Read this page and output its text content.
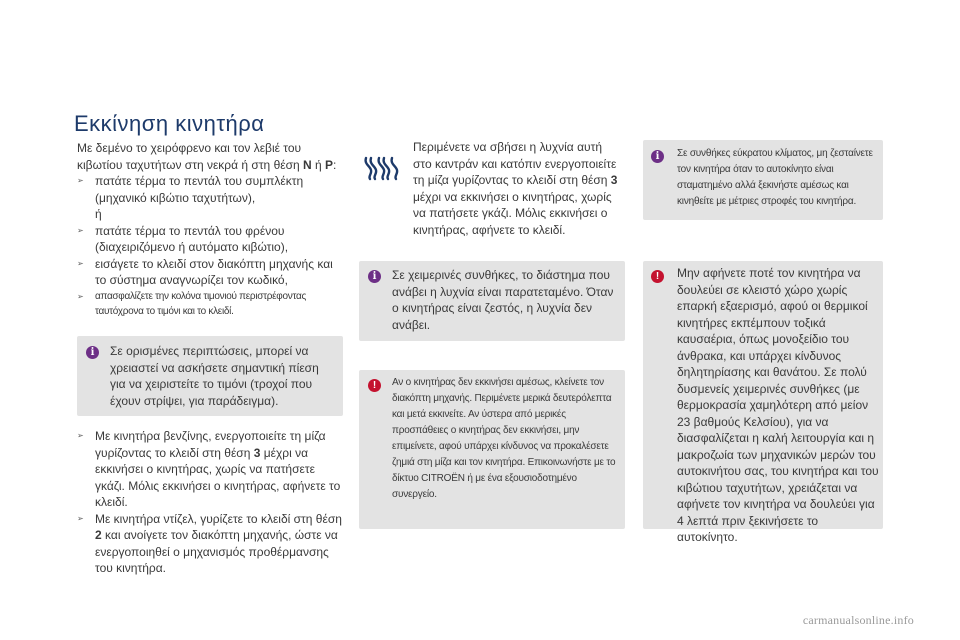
Εκκίνηση κινητήρα

Με δεμένο το χειρόφρενο και τον λεβιέ του κιβωτίου ταχυτήτων στη νεκρά ή στη θέση N ή P:

➢ πατάτε τέρμα το πεντάλ του συμπλέκτη (μηχανικό κιβώτιο ταχυτήτων),
ή
➢ πατάτε τέρμα το πεντάλ του φρένου (διαχειριζόμενο ή αυτόματο κιβώτιο),
➢ εισάγετε το κλειδί στον διακόπτη μηχανής και το σύστημα αναγνωρίζει τον κωδικό,
➢	απασφαλίζετε την κολόνα τιμονιού περιστρέφοντας ταυτόχρονα το τιμόνι και το κλειδί.
i	Σε ορισμένες περιπτώσεις, μπορεί να χρειαστεί να ασκήσετε σημαντική πίεση για να χειριστείτε το τιμόνι (τροχοί που έχουν στρίψει, για παράδειγμα).
➢ Με κινητήρα βενζίνης, ενεργοποιείτε τη μίζα γυρίζοντας το κλειδί στη θέση 3 μέχρι να εκκινήσει ο κινητήρας, χωρίς να πατήσετε γκάζι. Μόλις εκκινήσει ο κινητήρας, αφήνετε το κλειδί.
➢ Με κινητήρα ντίζελ, γυρίζετε το κλειδί στη θέση 2 και ανοίγετε τον διακόπτη μηχανής, ώστε να ενεργοποιηθεί ο μηχανισμός προθέρμανσης του κινητήρα.
Περιμένετε να σβήσει η λυχνία αυτή στο καντράν και κατόπιν ενεργοποιείτε τη μίζα γυρίζοντας το κλειδί στη θέση 3 μέχρι να εκκινήσει ο κινητήρας, χωρίς να πατήσετε γκάζι. Μόλις εκκινήσει ο κινητήρας, αφήνετε το κλειδί.
i	Σε χειμερινές συνθήκες, το διάστημα που ανάβει η λυχνία είναι παρατεταμένο. Όταν ο κινητήρας είναι ζεστός, η λυχνία δεν ανάβει.
!	Αν ο κινητήρας δεν εκκινήσει αμέσως, κλείνετε τον διακόπτη μηχανής. Περιμένετε μερικά δευτερόλεπτα και μετά εκκινείτε. Αν ύστερα από μερικές προσπάθειες ο κινητήρας δεν εκκινήσει, μην επιμείνετε, αφού υπάρχει κίνδυνος να προκαλέσετε ζημιά στη μίζα και τον κινητήρα. Επικοινωνήστε με το δίκτυο CITROËN ή με ένα εξουσιοδοτημένο συνεργείο.
i	Σε συνθήκες εύκρατου κλίματος, μη ζεσταίνετε τον κινητήρα όταν το αυτοκίνητο είναι σταματημένο αλλά ξεκινήστε αμέσως και κινηθείτε με μέτριες στροφές του κινητήρα.
!	Μην αφήνετε ποτέ τον κινητήρα να δουλεύει σε κλειστό χώρο χωρίς επαρκή εξαερισμό, αφού οι θερμικοί κινητήρες εκπέμπουν τοξικά καυσαέρια, όπως μονοξείδιο του άνθρακα, και υπάρχει κίνδυνος δηλητηρίασης και θανάτου. Σε πολύ δυσμενείς χειμερινές συνθήκες (με θερμοκρασία χαμηλότερη από μείον 23 βαθμούς Κελσίου), για να διασφαλίζεται η καλή λειτουργία και η μακροζωία των μηχανικών μερών του αυτοκινήτου σας, του κινητήρα και του κιβώτιου ταχυτήτων, χρειάζεται να αφήνετε τον κινητήρα να δουλεύει για 4 λεπτά πριν ξεκινήσετε το αυτοκίνητο.
carmanualsonline.info
